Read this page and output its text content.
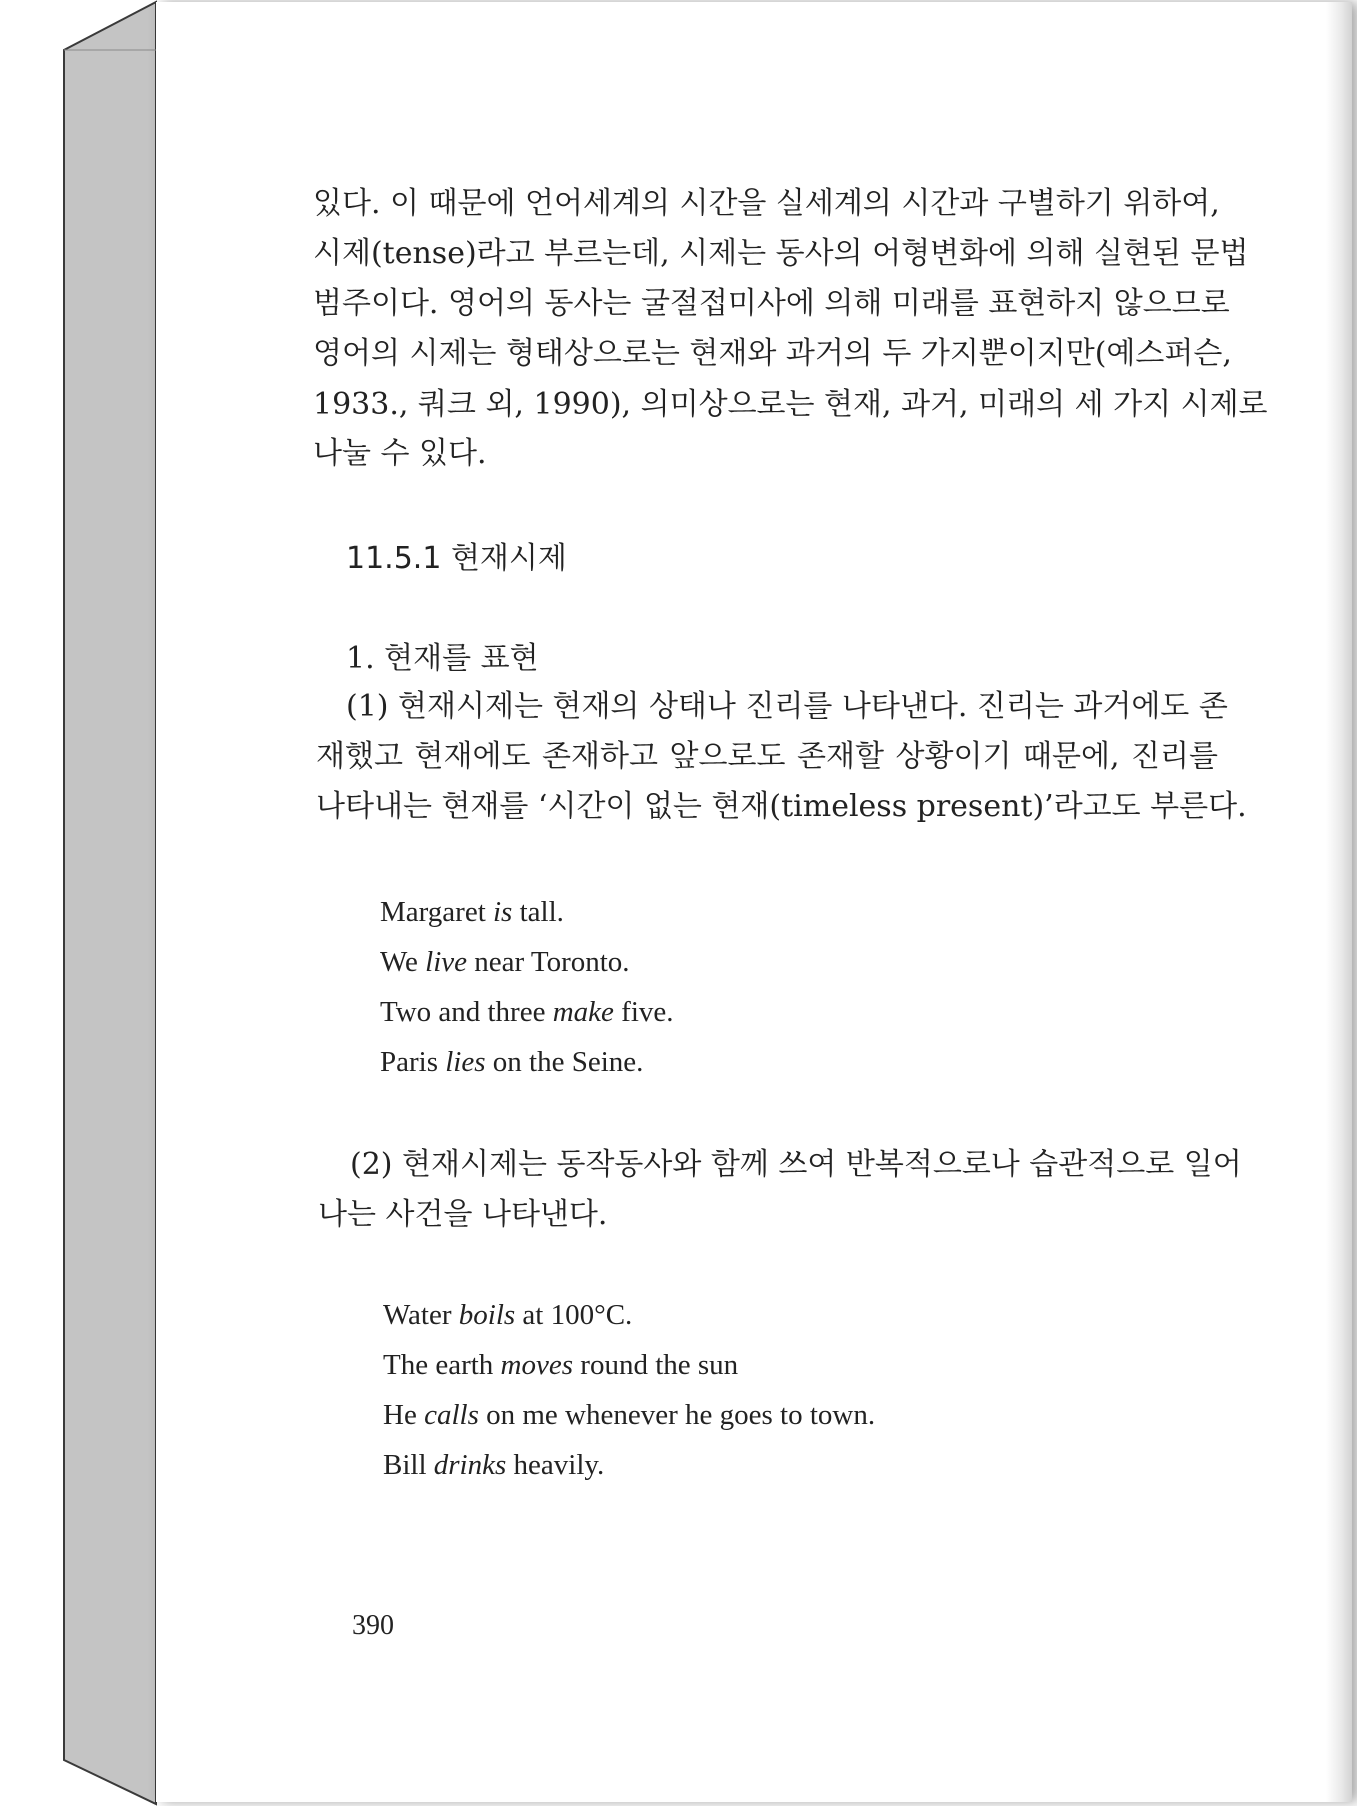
있다. 이 때문에 언어세계의 시간을 실세계의 시간과 구별하기 위하여,
시제(tense)라고 부르는데, 시제는 동사의 어형변화에 의해 실현된 문법
범주이다. 영어의 동사는 굴절접미사에 의해 미래를 표현하지 않으므로
영어의 시제는 형태상으로는 현재와 과거의 두 가지뿐이지만(예스퍼슨,
1933., 쿼크 외, 1990), 의미상으로는 현재, 과거, 미래의 세 가지 시제로
나눌 수 있다.
11.5.1 현재시제
1. 현재를 표현
(1) 현재시제는 현재의 상태나 진리를 나타낸다. 진리는 과거에도 존
재했고 현재에도 존재하고 앞으로도 존재할 상황이기 때문에, 진리를
나타내는 현재를 ‘시간이 없는 현재(timeless present)’라고도 부른다.
Margaret is tall.
We live near Toronto.
Two and three make five.
Paris lies on the Seine.
(2) 현재시제는 동작동사와 함께 쓰여 반복적으로나 습관적으로 일어
나는 사건을 나타낸다.
Water boils at 100°C.
The earth moves round the sun
He calls on me whenever he goes to town.
Bill drinks heavily.
390
